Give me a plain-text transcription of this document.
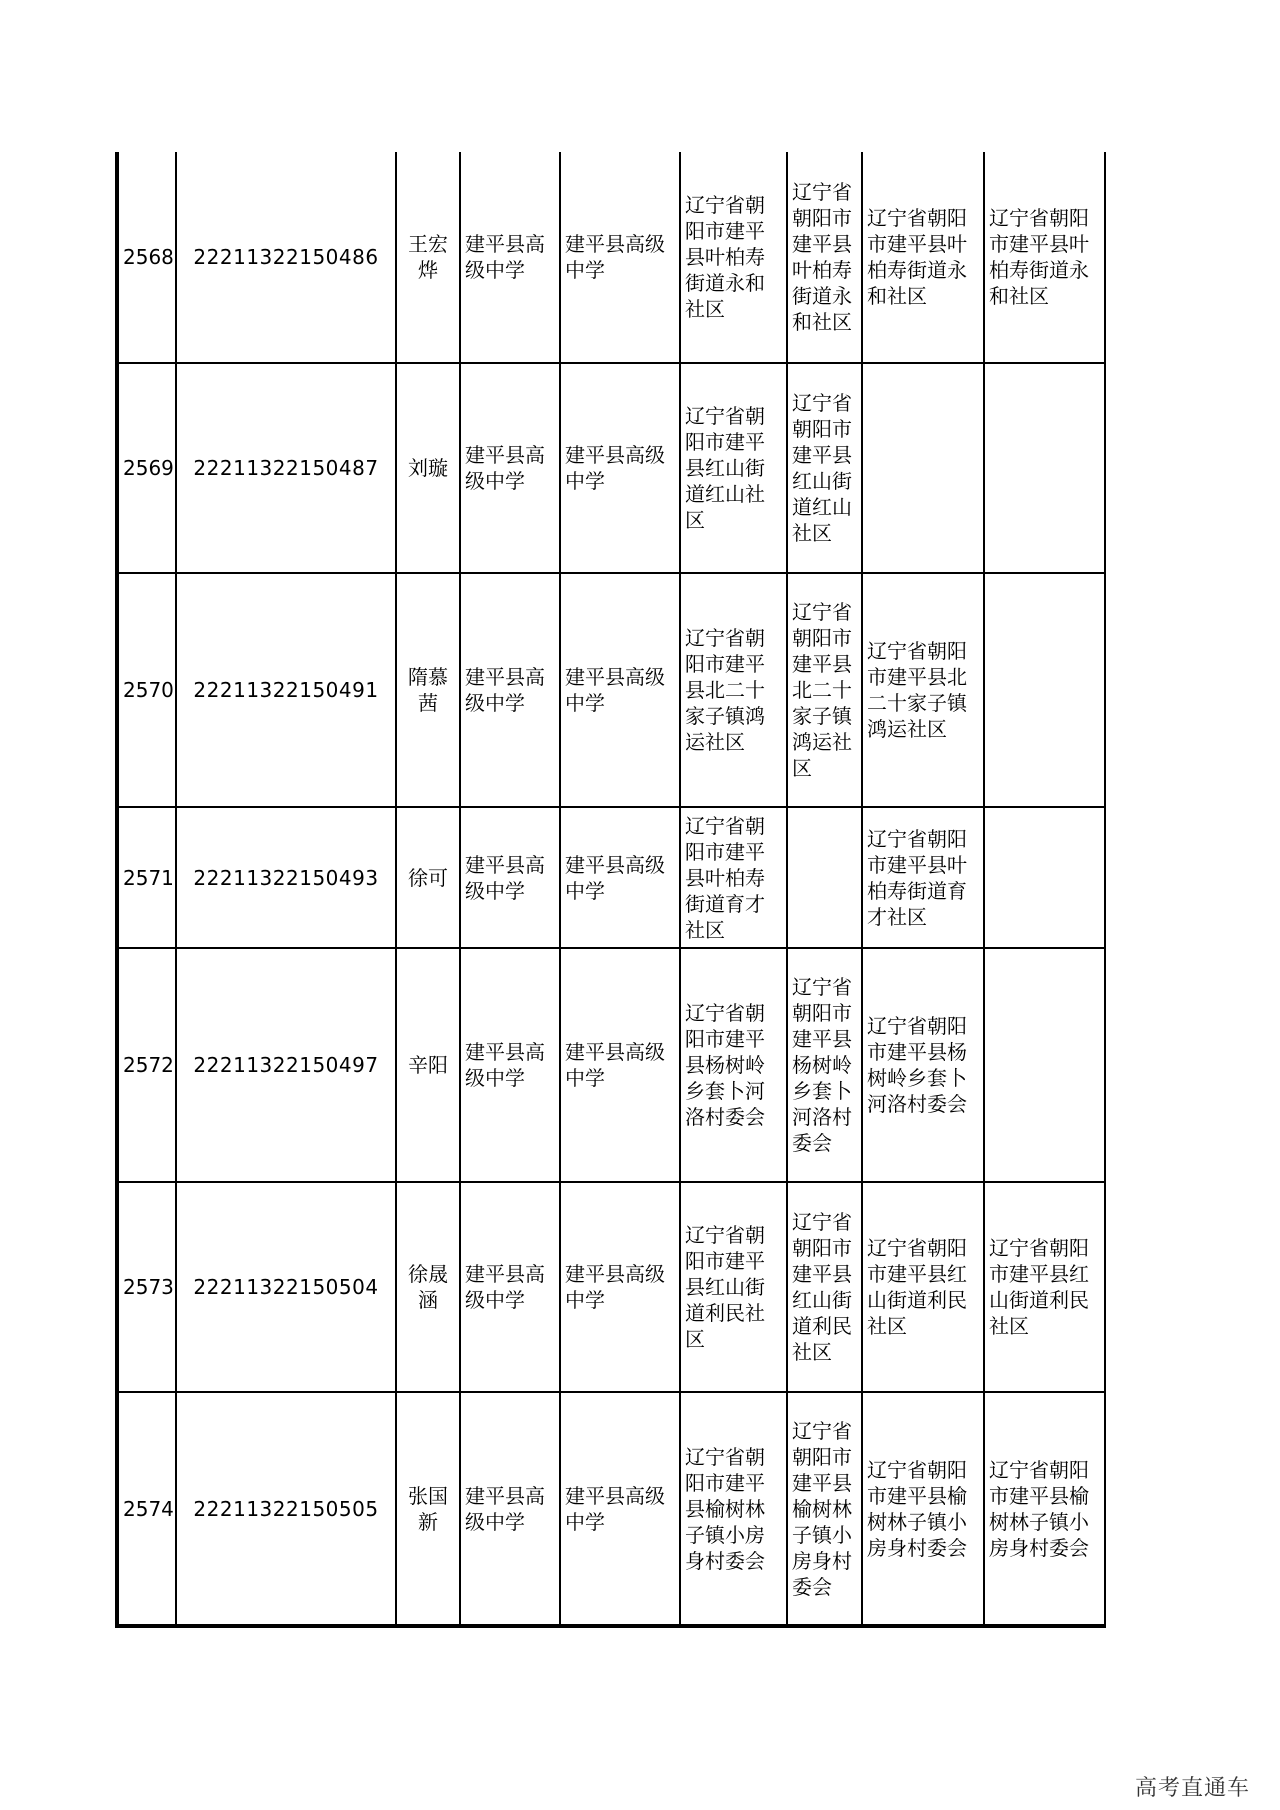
2568	22211322150486	王宏烨	建平县高级中学	建平县高级中学	辽宁省朝阳市建平县叶柏寿街道永和社区	辽宁省朝阳市建平县叶柏寿街道永和社区	辽宁省朝阳市建平县叶柏寿街道永和社区	辽宁省朝阳市建平县叶柏寿街道永和社区
2569	22211322150487	刘璇	建平县高级中学	建平县高级中学	辽宁省朝阳市建平县红山街道红山社区	辽宁省朝阳市建平县红山街道红山社区		
2570	22211322150491	隋慕茜	建平县高级中学	建平县高级中学	辽宁省朝阳市建平县北二十家子镇鸿运社区	辽宁省朝阳市建平县北二十家子镇鸿运社区	辽宁省朝阳市建平县北二十家子镇鸿运社区	
2571	22211322150493	徐可	建平县高级中学	建平县高级中学	辽宁省朝阳市建平县叶柏寿街道育才社区		辽宁省朝阳市建平县叶柏寿街道育才社区	
2572	22211322150497	辛阳	建平县高级中学	建平县高级中学	辽宁省朝阳市建平县杨树岭乡套卜河洛村委会	辽宁省朝阳市建平县杨树岭乡套卜河洛村委会	辽宁省朝阳市建平县杨树岭乡套卜河洛村委会	
2573	22211322150504	徐晟涵	建平县高级中学	建平县高级中学	辽宁省朝阳市建平县红山街道利民社区	辽宁省朝阳市建平县红山街道利民社区	辽宁省朝阳市建平县红山街道利民社区	辽宁省朝阳市建平县红山街道利民社区
2574	22211322150505	张国新	建平县高级中学	建平县高级中学	辽宁省朝阳市建平县榆树林子镇小房身村委会	辽宁省朝阳市建平县榆树林子镇小房身村委会	辽宁省朝阳市建平县榆树林子镇小房身村委会	辽宁省朝阳市建平县榆树林子镇小房身村委会
高考直通车
